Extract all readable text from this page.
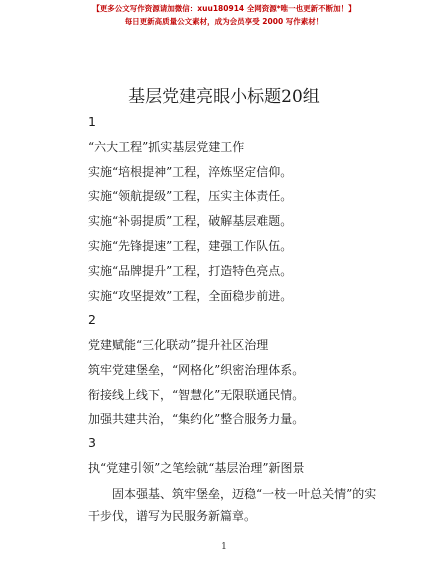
【更多公文写作资源请加微信：xuu180914 全网资源*唯一也更新不断加！】
每日更新高质量公文素材，成为会员享受 2000 写作素材！
基层党建亮眼小标题20组
1
“六大工程”抓实基层党建工作
实施“培根提神”工程，淬炼坚定信仰。
实施“领航提级”工程，压实主体责任。
实施“补弱提质”工程，破解基层难题。
实施“先锋提速”工程，建强工作队伍。
实施“品牌提升”工程，打造特色亮点。
实施“攻坚提效”工程，全面稳步前进。
2
党建赋能“三化联动”提升社区治理
筑牢党建堡垒，“网格化”织密治理体系。
衔接线上线下，“智慧化”无限联通民情。
加强共建共治，“集约化”整合服务力量。
3
执“党建引领”之笔绘就“基层治理”新图景
固本强基、筑牢堡垒，迈稳“一枝一叶总关情”的实干步伐，谱写为民服务新篇章。
1
